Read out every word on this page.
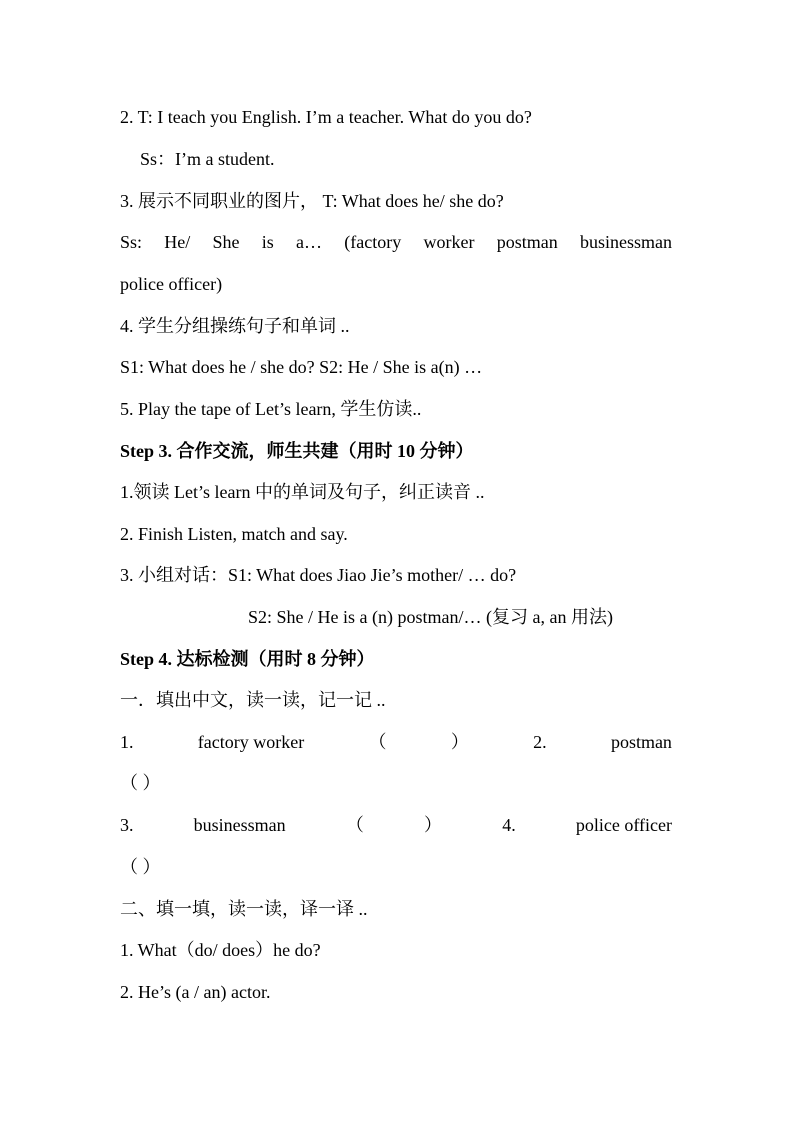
2. T: I teach you English. I’m a teacher. What do you do?
Ss：I’m a student.
3. 展示不同职业的图片， T: What does he/ she do?
Ss: He/ She is a… (factory worker postman businessman
police officer)
4. 学生分组操练句子和单词 ..
S1: What does he / she do? S2: He / She is a(n) …
5. Play the tape of Let’s learn, 学生仿读..
Step 3. 合作交流，师生共建（用时 10 分钟）
1.领读 Let’s learn 中的单词及句子，纠正读音 ..
2. Finish Listen, match and say.
3. 小组对话：S1: What does Jiao Jie’s mother/ … do?
S2: She / He is a (n) postman/… (复习 a, an 用法)
Step 4. 达标检测（用时 8 分钟）
一．填出中文，读一读，记一记 ..
1.	factory worker	（	）	2.	postman
（ ）
3.	businessman	（	）	4.	police officer
（ ）
二、填一填，读一读，译一译 ..
1. What（do/ does）he do?
2. He’s (a / an) actor.
